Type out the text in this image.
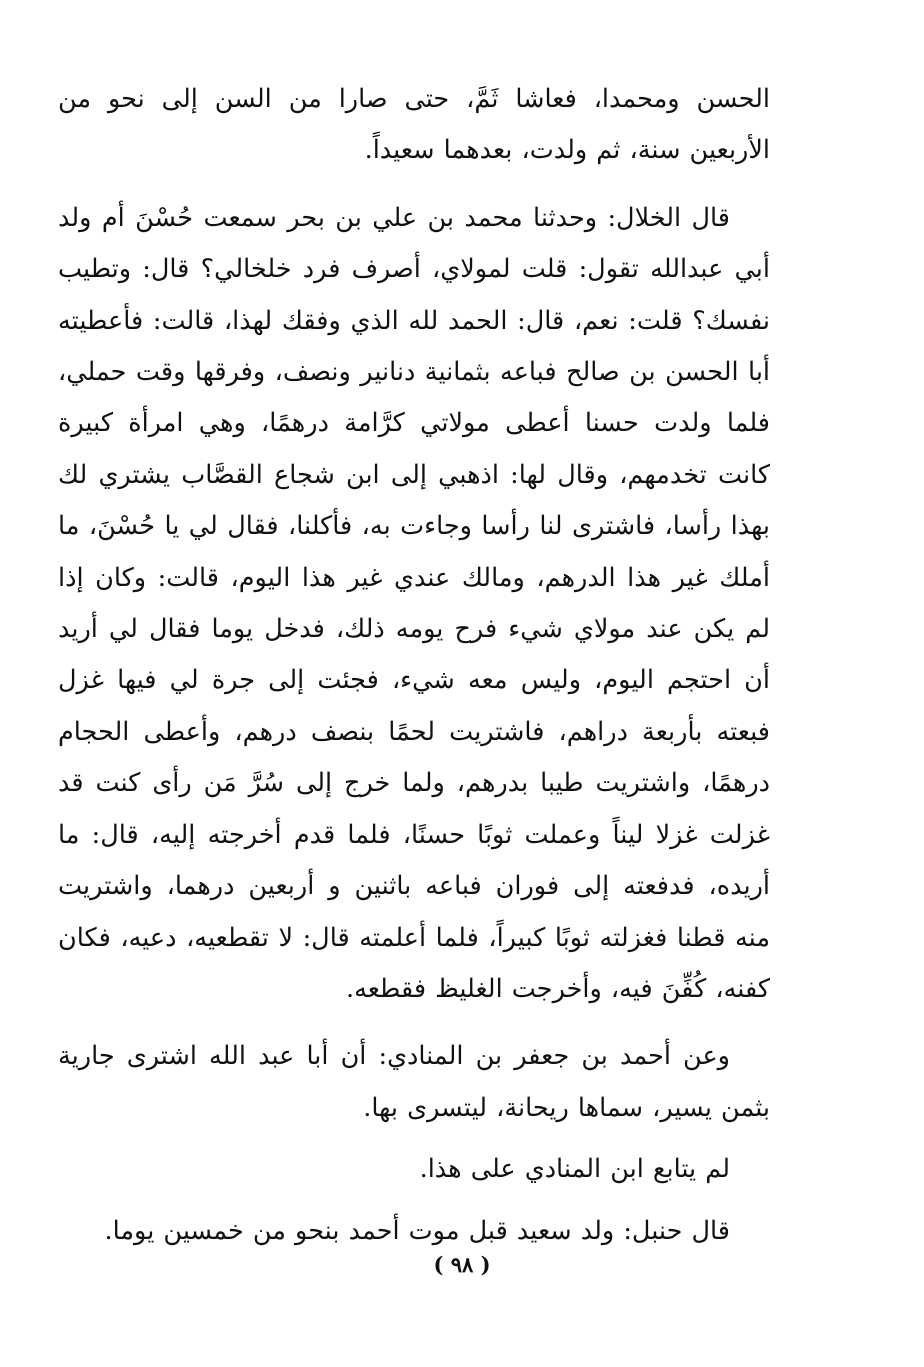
الحسن ومحمدا، فعاشا ثَمَّ، حتى صارا من السن إلى نحو من الأربعين سنة، ثم ولدت، بعدهما سعيداً.

قال الخلال: وحدثنا محمد بن علي بن بحر سمعت حُسْنَ أم ولد أبي عبدالله تقول: قلت لمولاي، أصرف فرد خلخالي؟ قال: وتطيب نفسك؟ قلت: نعم، قال: الحمد لله الذي وفقك لهذا، قالت: فأعطيته أبا الحسن بن صالح فباعه بثمانية دنانير ونصف، وفرقها وقت حملي، فلما ولدت حسنا أعطى مولاتي كرَّامة درهمًا، وهي امرأة كبيرة كانت تخدمهم، وقال لها: اذهبي إلى ابن شجاع القصَّاب يشتري لك بهذا رأسا، فاشترى لنا رأسا وجاءت به، فأكلنا، فقال لي يا حُسْنَ، ما أملك غير هذا الدرهم، ومالك عندي غير هذا اليوم، قالت: وكان إذا لم يكن عند مولاي شيء فرح يومه ذلك، فدخل يوما فقال لي أريد أن احتجم اليوم، وليس معه شيء، فجئت إلى جرة لي فيها غزل فبعته بأربعة دراهم، فاشتريت لحمًا بنصف درهم، وأعطى الحجام درهمًا، واشتريت طيبا بدرهم، ولما خرج إلى سُرَّ مَن رأى كنت قد غزلت غزلا ليناً وعملت ثوبًا حسنًا، فلما قدم أخرجته إليه، قال: ما أريده، فدفعته إلى فوران فباعه باثنين و أربعين درهما، واشتريت منه قطنا فغزلته ثوبًا كبيراً، فلما أعلمته قال: لا تقطعيه، دعيه، فكان كفنه، كُفِّنَ فيه، وأخرجت الغليظ فقطعه.

وعن أحمد بن جعفر بن المنادي: أن أبا عبد الله اشترى جارية بثمن يسير، سماها ريحانة، ليتسرى بها.

لم يتابع ابن المنادي على هذا.

قال حنبل: ولد سعيد قبل موت أحمد بنحو من خمسين يوما.

( ٩٨ )
